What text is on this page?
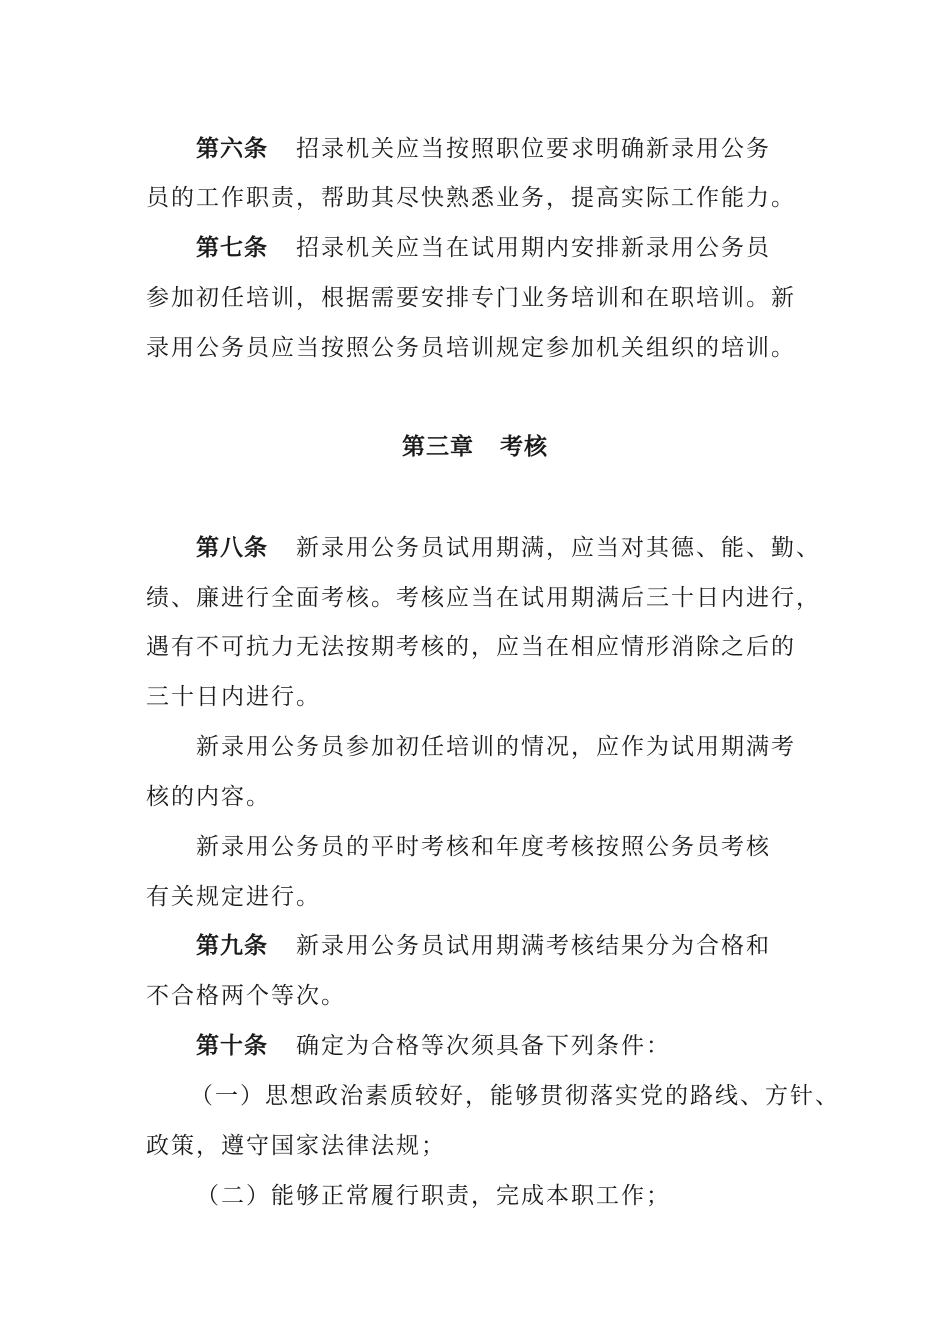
第六条 招录机关应当按照职位要求明确新录用公务
员的工作职责，帮助其尽快熟悉业务，提高实际工作能力。
第七条 招录机关应当在试用期内安排新录用公务员
参加初任培训，根据需要安排专门业务培训和在职培训。新
录用公务员应当按照公务员培训规定参加机关组织的培训。
第三章 考核
第八条 新录用公务员试用期满，应当对其德、能、勤、
绩、廉进行全面考核。考核应当在试用期满后三十日内进行，
遇有不可抗力无法按期考核的，应当在相应情形消除之后的
三十日内进行。
新录用公务员参加初任培训的情况，应作为试用期满考
核的内容。
新录用公务员的平时考核和年度考核按照公务员考核
有关规定进行。
第九条 新录用公务员试用期满考核结果分为合格和
不合格两个等次。
第十条 确定为合格等次须具备下列条件：
（一）思想政治素质较好，能够贯彻落实党的路线、方针、
政策，遵守国家法律法规；
（二）能够正常履行职责，完成本职工作；
